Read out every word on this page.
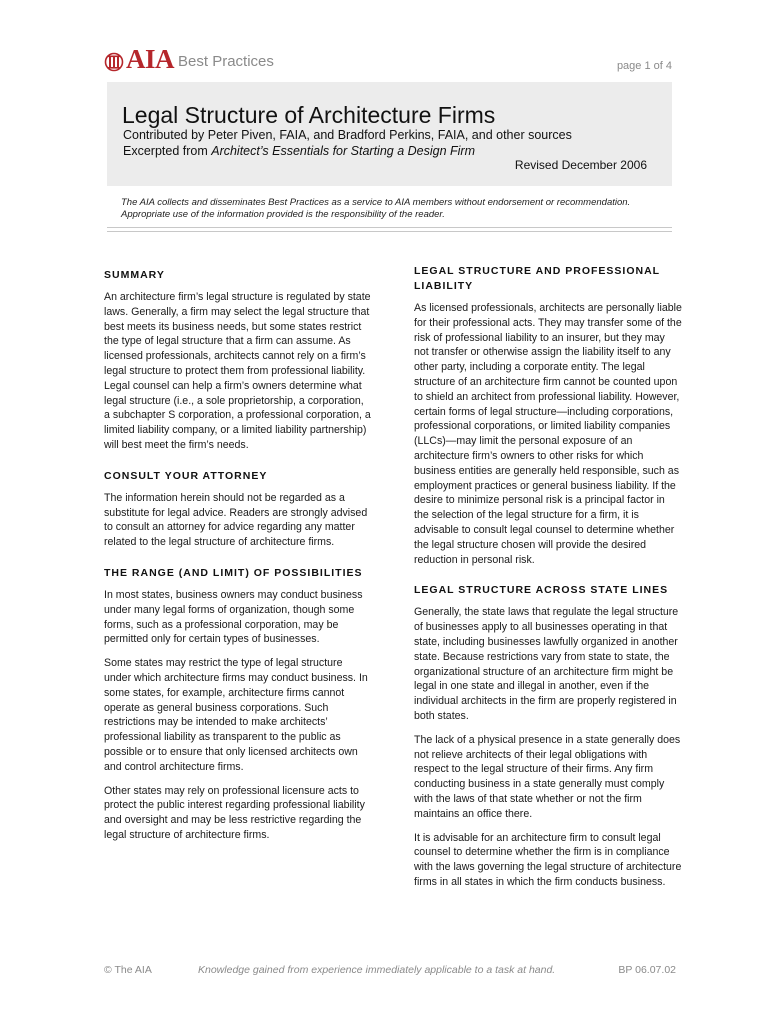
AIA Best Practices	page 1 of 4
Legal Structure of Architecture Firms
Contributed by Peter Piven, FAIA, and Bradford Perkins, FAIA, and other sources
Excerpted from Architect’s Essentials for Starting a Design Firm
Revised December 2006
The AIA collects and disseminates Best Practices as a service to AIA members without endorsement or recommendation.
Appropriate use of the information provided is the responsibility of the reader.
SUMMARY

An architecture firm’s legal structure is regulated by state laws. Generally, a firm may select the legal structure that best meets its business needs, but some states restrict the type of legal structure that a firm can assume. As licensed professionals, architects cannot rely on a firm’s legal structure to protect them from professional liability. Legal counsel can help a firm’s owners determine what legal structure (i.e., a sole proprietorship, a corporation, a subchapter S corporation, a professional corporation, a limited liability company, or a limited liability partnership) will best meet the firm’s needs.

CONSULT YOUR ATTORNEY

The information herein should not be regarded as a substitute for legal advice. Readers are strongly advised to consult an attorney for advice regarding any matter related to the legal structure of architecture firms.

THE RANGE (AND LIMIT) OF POSSIBILITIES

In most states, business owners may conduct business under many legal forms of organization, though some forms, such as a professional corporation, may be permitted only for certain types of businesses.

Some states may restrict the type of legal structure under which architecture firms may conduct business. In some states, for example, architecture firms cannot operate as general business corporations. Such restrictions may be intended to make architects’ professional liability as transparent to the public as possible or to ensure that only licensed architects own and control architecture firms.

Other states may rely on professional licensure acts to protect the public interest regarding professional liability and oversight and may be less restrictive regarding the legal structure of architecture firms.

LEGAL STRUCTURE AND PROFESSIONAL
LIABILITY

As licensed professionals, architects are personally liable for their professional acts. They may transfer some of the risk of professional liability to an insurer, but they may not transfer or otherwise assign the liability itself to any other party, including a corporate entity. The legal structure of an architecture firm cannot be counted upon to shield an architect from professional liability. However, certain forms of legal structure—including corporations, professional corporations, or limited liability companies (LLCs)—may limit the personal exposure of an architecture firm’s owners to other risks for which business entities are generally held responsible, such as employment practices or general business liability. If the desire to minimize personal risk is a principal factor in the selection of the legal structure for a firm, it is advisable to consult legal counsel to determine whether the legal structure chosen will provide the desired reduction in personal risk.

LEGAL STRUCTURE ACROSS STATE LINES

Generally, the state laws that regulate the legal structure of businesses apply to all businesses operating in that state, including businesses lawfully organized in another state. Because restrictions vary from state to state, the organizational structure of an architecture firm might be legal in one state and illegal in another, even if the individual architects in the firm are properly registered in both states.

The lack of a physical presence in a state generally does not relieve architects of their legal obligations with respect to the legal structure of their firms. Any firm conducting business in a state generally must comply with the laws of that state whether or not the firm maintains an office there.

It is advisable for an architecture firm to consult legal counsel to determine whether the firm is in compliance with the laws governing the legal structure of architecture firms in all states in which the firm conducts business.

© The AIA	Knowledge gained from experience immediately applicable to a task at hand.	BP 06.07.02
